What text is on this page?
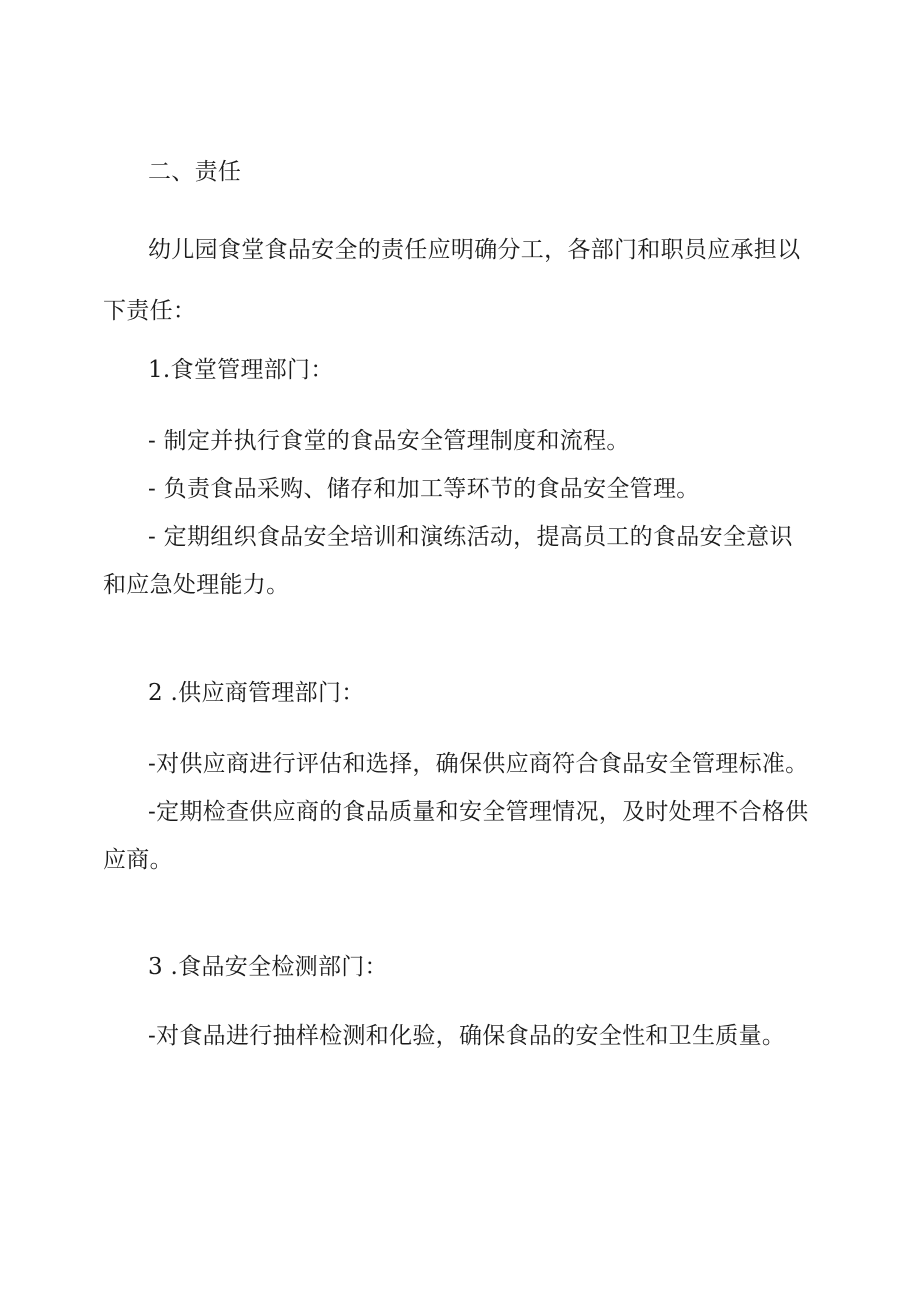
二、责任
幼儿园食堂食品安全的责任应明确分工，各部门和职员应承担以
下责任：
1.食堂管理部门：
- 制定并执行食堂的食品安全管理制度和流程。
- 负责食品采购、储存和加工等环节的食品安全管理。
- 定期组织食品安全培训和演练活动，提高员工的食品安全意识
和应急处理能力。
2 .供应商管理部门：
-对供应商进行评估和选择，确保供应商符合食品安全管理标准。
-定期检查供应商的食品质量和安全管理情况，及时处理不合格供
应商。
3 .食品安全检测部门：
-对食品进行抽样检测和化验，确保食品的安全性和卫生质量。
